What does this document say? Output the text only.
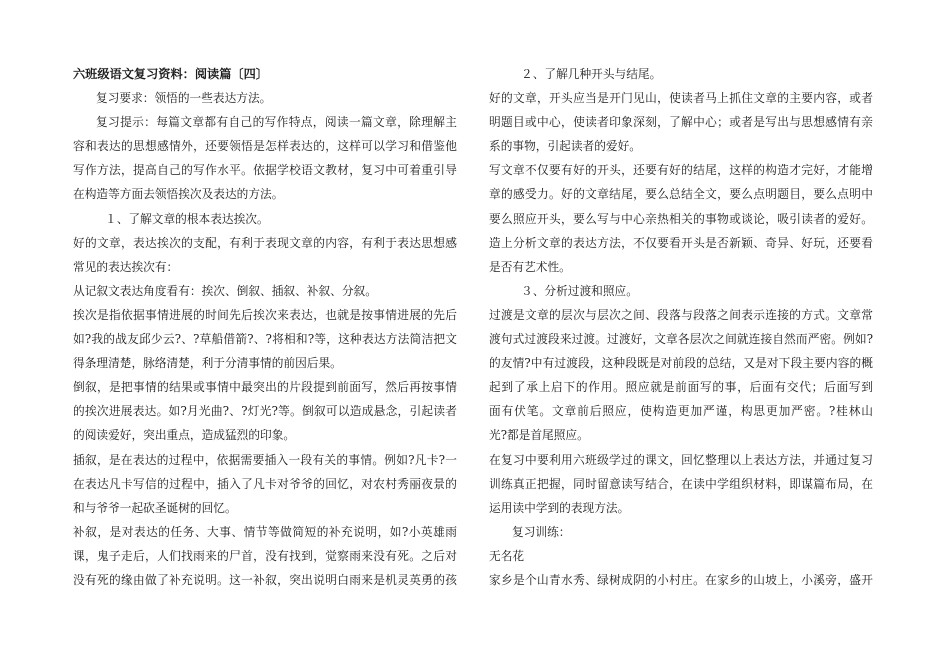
六班级语文复习资料：阅读篇〔四〕
复习要求：领悟的一些表达方法。
复习提示：每篇文章都有自己的写作特点，阅读一篇文章，除理解主
容和表达的思想感情外，还要领悟是怎样表达的，这样可以学习和借鉴他
写作方法，提高自己的写作水平。依据学校语文教材，复习中可着重引导
在构造等方面去领悟挨次及表达的方法。
１、了解文章的根本表达挨次。
好的文章，表达挨次的支配，有利于表现文章的内容，有利于表达思想感
常见的表达挨次有：
从记叙文表达角度看有：挨次、倒叙、插叙、补叙、分叙。
挨次是指依据事情进展的时间先后挨次来表达，也就是按事情进展的先后
如?我的战友邱少云?、?草船借箭?、?将相和?等，这种表达方法简洁把文
得条理清楚，脉络清楚，利于分清事情的前因后果。
倒叙，是把事情的结果或事情中最突出的片段提到前面写，然后再按事情
的挨次进展表达。如?月光曲?、?灯光?等。倒叙可以造成悬念，引起读者
的阅读爱好，突出重点，造成猛烈的印象。
插叙，是在表达的过程中，依据需要插入一段有关的事情。例如?凡卡?一
在表达凡卡写信的过程中，插入了凡卡对爷爷的回忆，对农村秀丽夜景的
和与爷爷一起砍圣诞树的回忆。
补叙，是对表达的任务、大事、情节等做简短的补充说明，如?小英雄雨
课，鬼子走后，人们找雨来的尸首，没有找到，觉察雨来没有死。之后对
没有死的缘由做了补充说明。这一补叙，突出说明白雨来是机灵英勇的孩
２、了解几种开头与结尾。
好的文章，开头应当是开门见山，使读者马上抓住文章的主要内容，或者
明题目或中心，使读者印象深刻，了解中心；或者是写出与思想感情有亲
系的事物，引起读者的爱好。
写文章不仅要有好的开头，还要有好的结尾，这样的构造才完好，才能增
章的感受力。好的文章结尾，要么总结全文，要么点明题目，要么点明中
要么照应开头，要么写与中心亲热相关的事物或谈论，吸引读者的爱好。
造上分析文章的表达方法，不仅要看开头是否新颖、奇异、好玩，还要看
是否有艺术性。
３、分析过渡和照应。
过渡是文章的层次与层次之间、段落与段落之间表示连接的方式。文章常
渡句式过渡段来过渡。过渡好，文章各层次之间就连接自然而严密。例如?
的友情?中有过渡段，这种段既是对前段的总结，又是对下段主要内容的概
起到了承上启下的作用。照应就是前面写的事，后面有交代；后面写到
面有伏笔。文章前后照应，使构造更加严谨，构思更加严密。?桂林山
光?都是首尾照应。
在复习中要利用六班级学过的课文，回忆整理以上表达方法，并通过复习
训练真正把握，同时留意读写结合，在读中学组织材料，即谋篇布局，在
运用读中学到的表现方法。
复习训练：
无名花
家乡是个山青水秀、绿树成阴的小村庄。在家乡的山坡上，小溪旁，盛开
